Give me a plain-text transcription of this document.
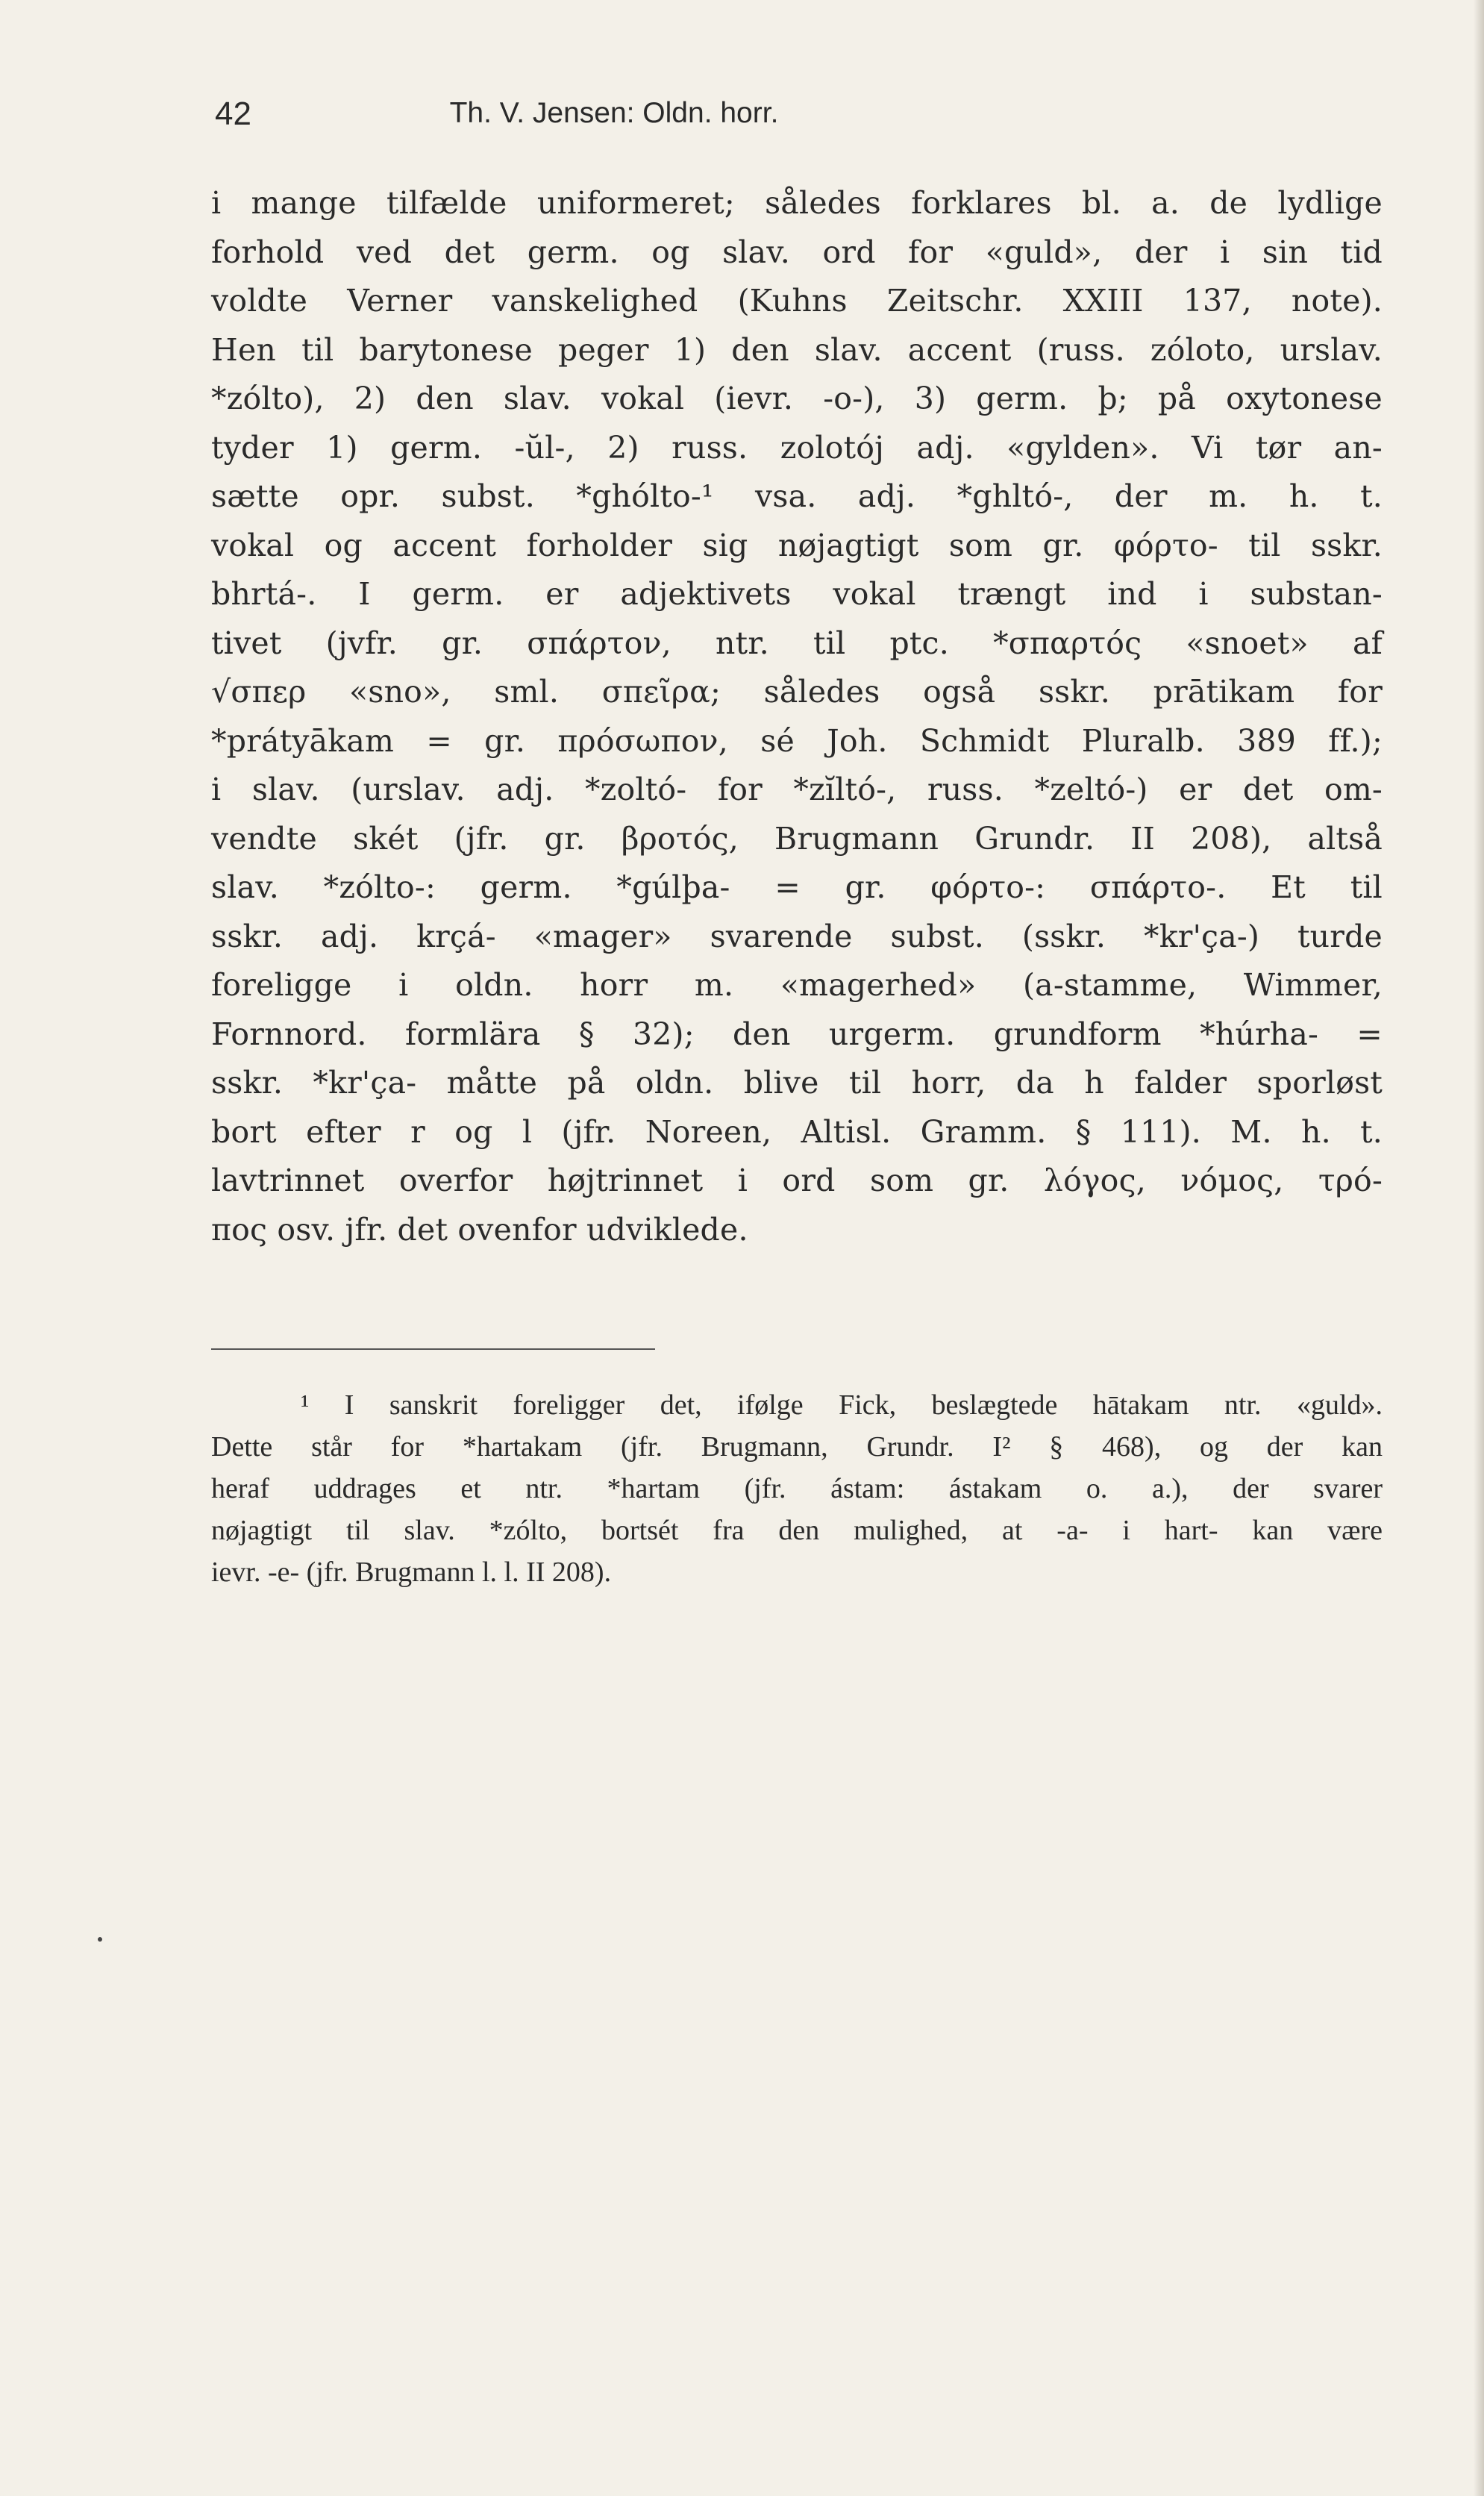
42	Th. V. Jensen: Oldn. horr.
i mange tilfælde uniformeret; således forklares bl. a. de lydlige
forhold ved det germ. og slav. ord for «guld», der i sin tid
voldte Verner vanskelighed (Kuhns Zeitschr. XXIII 137, note).
Hen til barytonese peger 1) den slav. accent (russ. zóloto, urslav.
*zólto), 2) den slav. vokal (ievr. -o-), 3) germ. þ; på oxytonese
tyder 1) germ. -ŭl-, 2) russ. zolotój adj. «gylden». Vi tør an-
sætte opr. subst. *ghólto-¹ vsa. adj. *ghltó-, der m. h. t.
vokal og accent forholder sig nøjagtigt som gr. φόρτο- til sskr.
bhrtá-. I germ. er adjektivets vokal trængt ind i substan-
tivet (jvfr. gr. σπάρτον, ntr. til ptc. *σπαρτός «snoet» af
√σπερ «sno», sml. σπεῖρα; således også sskr. prātikam for
*prátyākam = gr. πρόσωπον, sé Joh. Schmidt Pluralb. 389 ff.);
i slav. (urslav. adj. *zoltó- for *zĭltó-, russ. *zeltó-) er det om-
vendte skét (jfr. gr. βροτός, Brugmann Grundr. II 208), altså
slav. *zólto-: germ. *gúlþa- = gr. φόρτο-: σπάρτο-. Et til
sskr. adj. krçá- «mager» svarende subst. (sskr. *kr'ça-) turde
foreligge i oldn. horr m. «magerhed» (a-stamme, Wimmer,
Fornnord. formlära § 32); den urgerm. grundform *húrha- =
sskr. *kr'ça- måtte på oldn. blive til horr, da h falder sporløst
bort efter r og l (jfr. Noreen, Altisl. Gramm. § 111). M. h. t.
lavtrinnet overfor højtrinnet i ord som gr. λόγος, νόμος, τρό-
πος osv. jfr. det ovenfor udviklede.
¹ I sanskrit foreligger det, ifølge Fick, beslægtede hātakam ntr. «guld».
Dette står for *hartakam (jfr. Brugmann, Grundr. I² § 468), og der kan
heraf uddrages et ntr. *hartam (jfr. ástam: ástakam o. a.), der svarer
nøjagtigt til slav. *zólto, bortsét fra den mulighed, at -a- i hart- kan være
ievr. -e- (jfr. Brugmann l. l. II 208).
